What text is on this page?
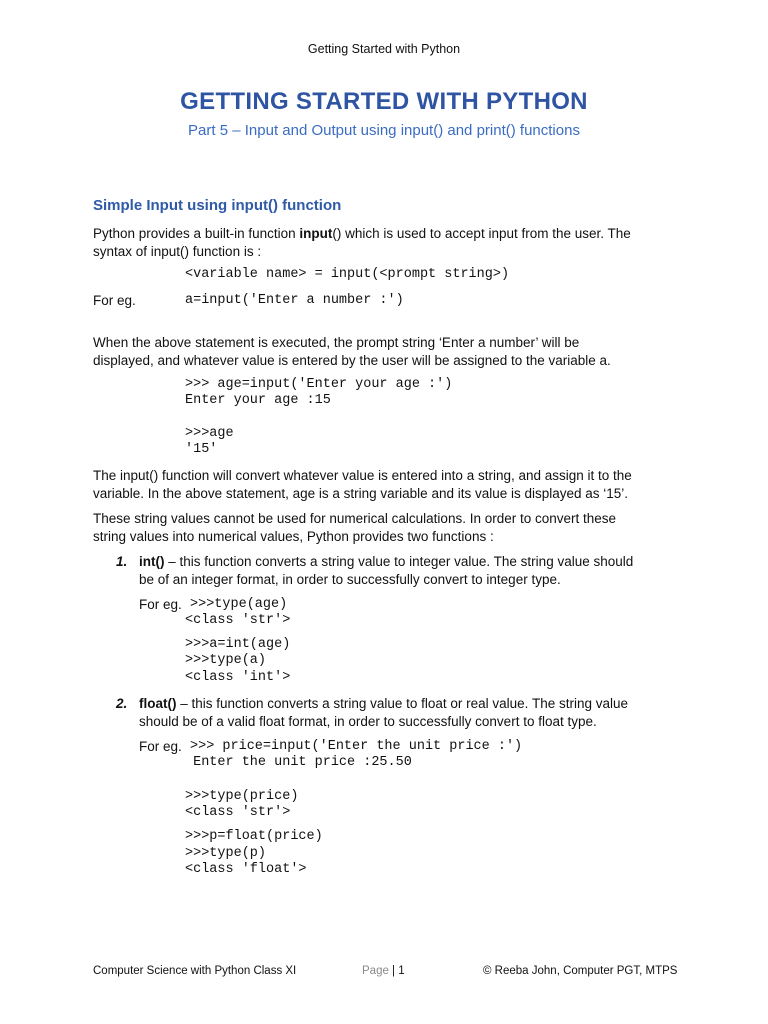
Getting Started with Python
GETTING STARTED WITH PYTHON
Part 5 – Input and Output using input() and print() functions
Simple Input using input() function
Python provides a built-in function input() which is used to accept input from the user. The
syntax of input() function is :
<variable name> = input(<prompt string>)
For eg.	a=input('Enter a number :')
When the above statement is executed, the prompt string ‘Enter a number’ will be
displayed, and whatever value is entered by the user will be assigned to the variable a.
>>> age=input('Enter your age :')
Enter your age :15
>>>age
'15'
The input() function will convert whatever value is entered into a string, and assign it to the
variable. In the above statement, age is a string variable and its value is displayed as ‘15’.
These string values cannot be used for numerical calculations. In order to convert these
string values into numerical values, Python provides two functions :
1. int() – this function converts a string value to integer value. The string value should
be of an integer format, in order to successfully convert to integer type.
For eg. >>>type(age)
<class 'str'>
>>>a=int(age)
>>>type(a)
<class 'int'>
2. float() – this function converts a string value to float or real value. The string value
should be of a valid float format, in order to successfully convert to float type.
For eg. >>> price=input('Enter the unit price :')
Enter the unit price :25.50
>>>type(price)
<class 'str'>
>>>p=float(price)
>>>type(p)
<class 'float'>
Computer Science with Python Class XI	Page | 1	© Reeba John, Computer PGT, MTPS
